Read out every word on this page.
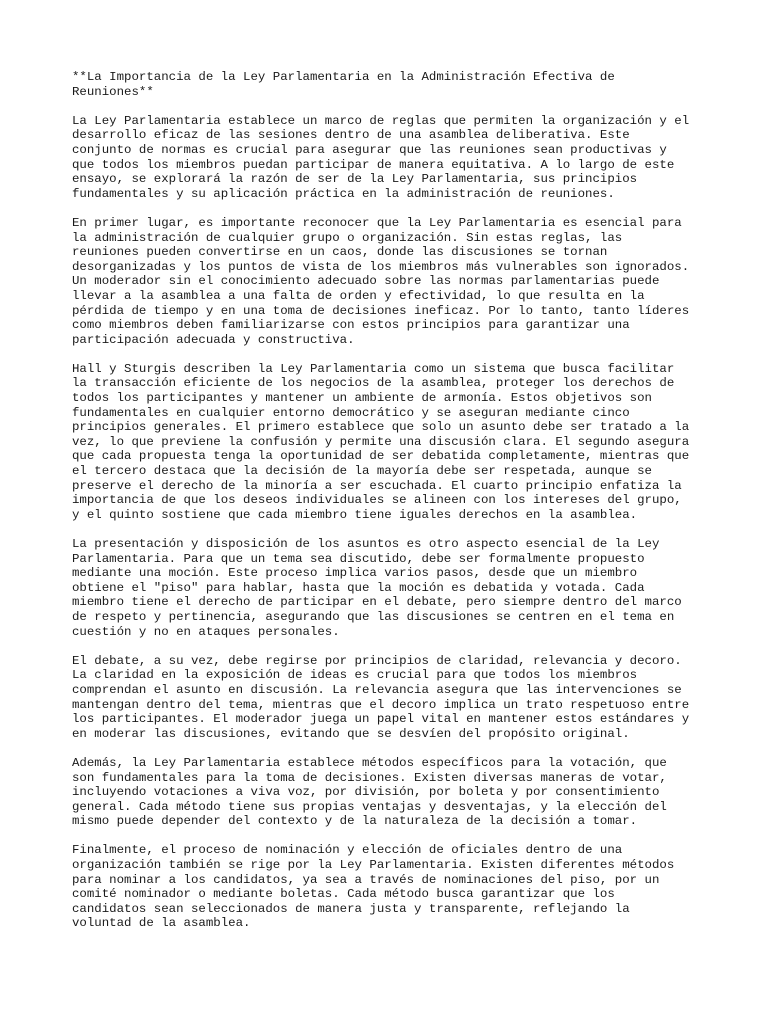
**La Importancia de la Ley Parlamentaria en la Administración Efectiva de
Reuniones**

La Ley Parlamentaria establece un marco de reglas que permiten la organización y el
desarrollo eficaz de las sesiones dentro de una asamblea deliberativa. Este
conjunto de normas es crucial para asegurar que las reuniones sean productivas y
que todos los miembros puedan participar de manera equitativa. A lo largo de este
ensayo, se explorará la razón de ser de la Ley Parlamentaria, sus principios
fundamentales y su aplicación práctica en la administración de reuniones.

En primer lugar, es importante reconocer que la Ley Parlamentaria es esencial para
la administración de cualquier grupo o organización. Sin estas reglas, las
reuniones pueden convertirse en un caos, donde las discusiones se tornan
desorganizadas y los puntos de vista de los miembros más vulnerables son ignorados.
Un moderador sin el conocimiento adecuado sobre las normas parlamentarias puede
llevar a la asamblea a una falta de orden y efectividad, lo que resulta en la
pérdida de tiempo y en una toma de decisiones ineficaz. Por lo tanto, tanto líderes
como miembros deben familiarizarse con estos principios para garantizar una
participación adecuada y constructiva.

Hall y Sturgis describen la Ley Parlamentaria como un sistema que busca facilitar
la transacción eficiente de los negocios de la asamblea, proteger los derechos de
todos los participantes y mantener un ambiente de armonía. Estos objetivos son
fundamentales en cualquier entorno democrático y se aseguran mediante cinco
principios generales. El primero establece que solo un asunto debe ser tratado a la
vez, lo que previene la confusión y permite una discusión clara. El segundo asegura
que cada propuesta tenga la oportunidad de ser debatida completamente, mientras que
el tercero destaca que la decisión de la mayoría debe ser respetada, aunque se
preserve el derecho de la minoría a ser escuchada. El cuarto principio enfatiza la
importancia de que los deseos individuales se alineen con los intereses del grupo,
y el quinto sostiene que cada miembro tiene iguales derechos en la asamblea.

La presentación y disposición de los asuntos es otro aspecto esencial de la Ley
Parlamentaria. Para que un tema sea discutido, debe ser formalmente propuesto
mediante una moción. Este proceso implica varios pasos, desde que un miembro
obtiene el "piso" para hablar, hasta que la moción es debatida y votada. Cada
miembro tiene el derecho de participar en el debate, pero siempre dentro del marco
de respeto y pertinencia, asegurando que las discusiones se centren en el tema en
cuestión y no en ataques personales.

El debate, a su vez, debe regirse por principios de claridad, relevancia y decoro.
La claridad en la exposición de ideas es crucial para que todos los miembros
comprendan el asunto en discusión. La relevancia asegura que las intervenciones se
mantengan dentro del tema, mientras que el decoro implica un trato respetuoso entre
los participantes. El moderador juega un papel vital en mantener estos estándares y
en moderar las discusiones, evitando que se desvíen del propósito original.

Además, la Ley Parlamentaria establece métodos específicos para la votación, que
son fundamentales para la toma de decisiones. Existen diversas maneras de votar,
incluyendo votaciones a viva voz, por división, por boleta y por consentimiento
general. Cada método tiene sus propias ventajas y desventajas, y la elección del
mismo puede depender del contexto y de la naturaleza de la decisión a tomar.

Finalmente, el proceso de nominación y elección de oficiales dentro de una
organización también se rige por la Ley Parlamentaria. Existen diferentes métodos
para nominar a los candidatos, ya sea a través de nominaciones del piso, por un
comité nominador o mediante boletas. Cada método busca garantizar que los
candidatos sean seleccionados de manera justa y transparente, reflejando la
voluntad de la asamblea.
